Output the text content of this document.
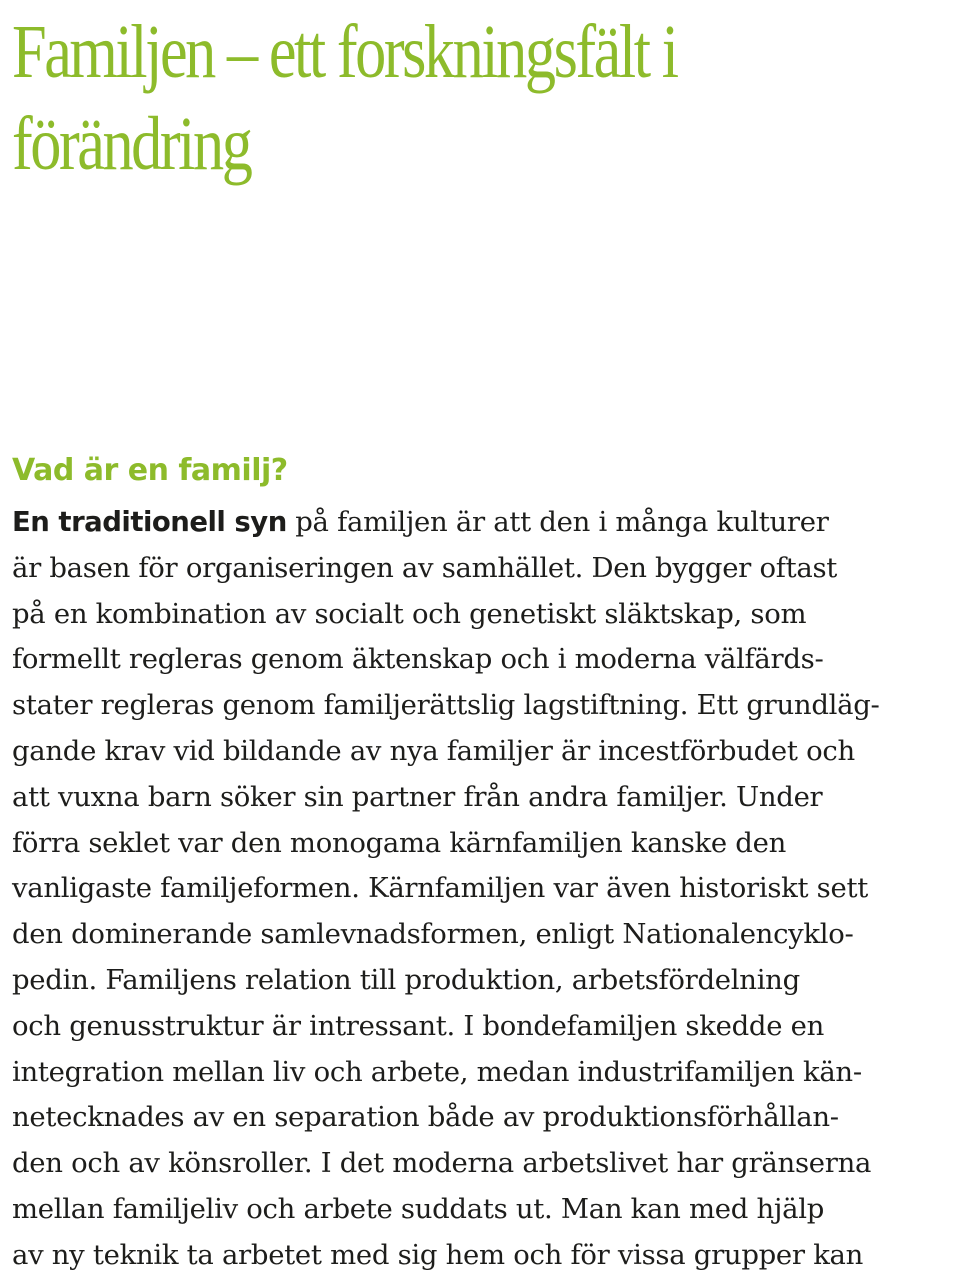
Familjen – ett forskningsfält i
förändring
Vad är en familj?
En traditionell syn på familjen är att den i många kulturer
är basen för organiseringen av samhället. Den bygger oftast
på en kombination av socialt och genetiskt släktskap, som
formellt regleras genom äktenskap och i moderna välfärds-
stater regleras genom familjerättslig lagstiftning. Ett grundläg-
gande krav vid bildande av nya familjer är incestförbudet och
att vuxna barn söker sin partner från andra familjer. Under
förra seklet var den monogama kärnfamiljen kanske den
vanligaste familjeformen. Kärnfamiljen var även historiskt sett
den dominerande samlevnadsformen, enligt Nationalencyklo-
pedin. Familjens relation till produktion, arbetsfördelning
och genusstruktur är intressant. I bondefamiljen skedde en
integration mellan liv och arbete, medan industrifamiljen kän-
netecknades av en separation både av produktionsförhållan-
den och av könsroller. I det moderna arbetslivet har gränserna
mellan familjeliv och arbete suddats ut. Man kan med hjälp
av ny teknik ta arbetet med sig hem och för vissa grupper kan
